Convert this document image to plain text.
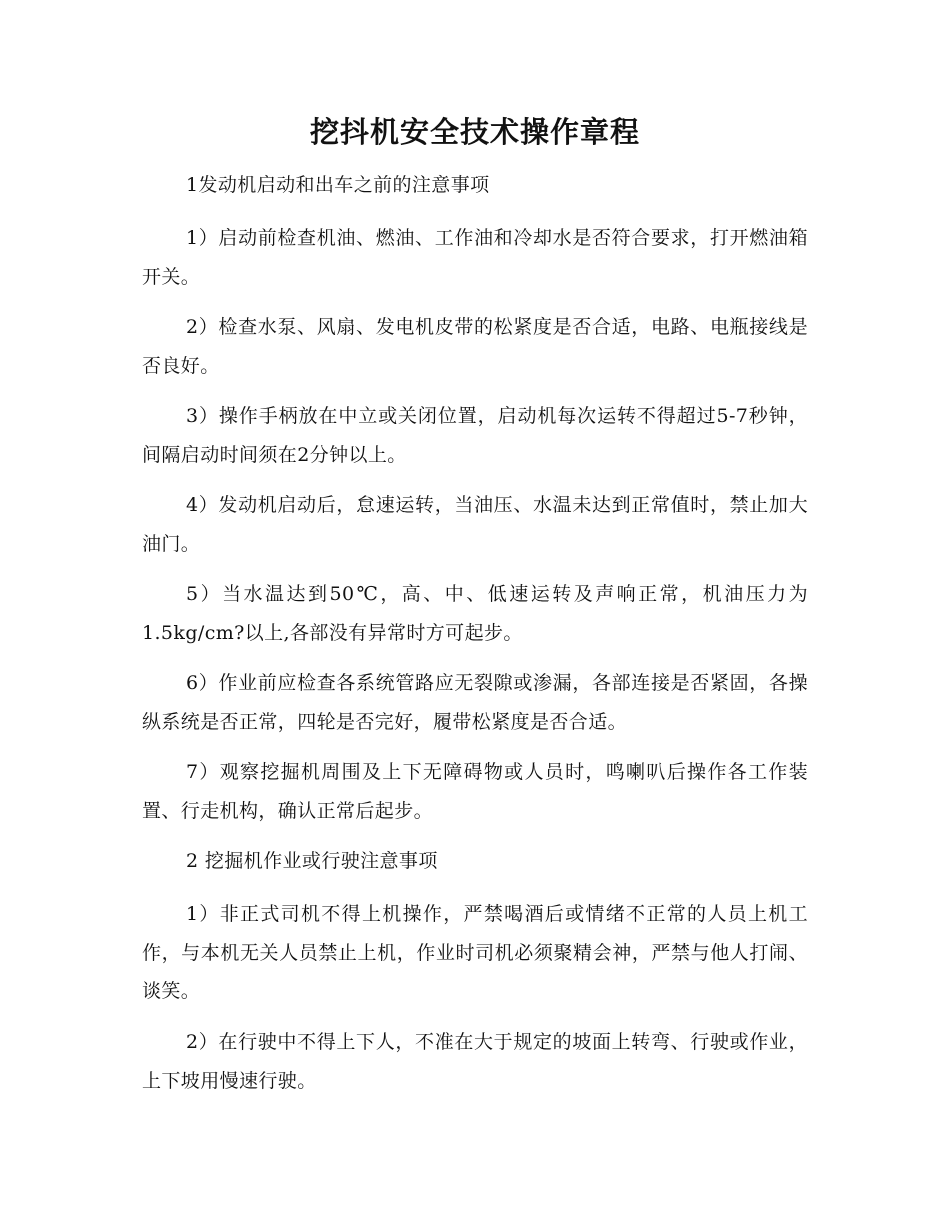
挖抖机安全技术操作章程

1发动机启动和出车之前的注意事项

1）启动前检查机油、燃油、工作油和冷却水是否符合要求，打开燃油箱开关。

2）检查水泵、风扇、发电机皮带的松紧度是否合适，电路、电瓶接线是否良好。

3）操作手柄放在中立或关闭位置，启动机每次运转不得超过5-7秒钟，间隔启动时间须在2分钟以上。

4）发动机启动后，怠速运转，当油压、水温未达到正常值时，禁止加大油门。

5）当水温达到50℃，高、中、低速运转及声响正常，机油压力为1.5kg/cm?以上,各部没有异常时方可起步。

6）作业前应检查各系统管路应无裂隙或渗漏，各部连接是否紧固，各操纵系统是否正常，四轮是否完好，履带松紧度是否合适。

7）观察挖掘机周围及上下无障碍物或人员时，鸣喇叭后操作各工作装置、行走机构，确认正常后起步。

2 挖掘机作业或行驶注意事项

1）非正式司机不得上机操作，严禁喝酒后或情绪不正常的人员上机工作，与本机无关人员禁止上机，作业时司机必须聚精会神，严禁与他人打闹、谈笑。

2）在行驶中不得上下人，不准在大于规定的坡面上转弯、行驶或作业，上下坡用慢速行驶。
